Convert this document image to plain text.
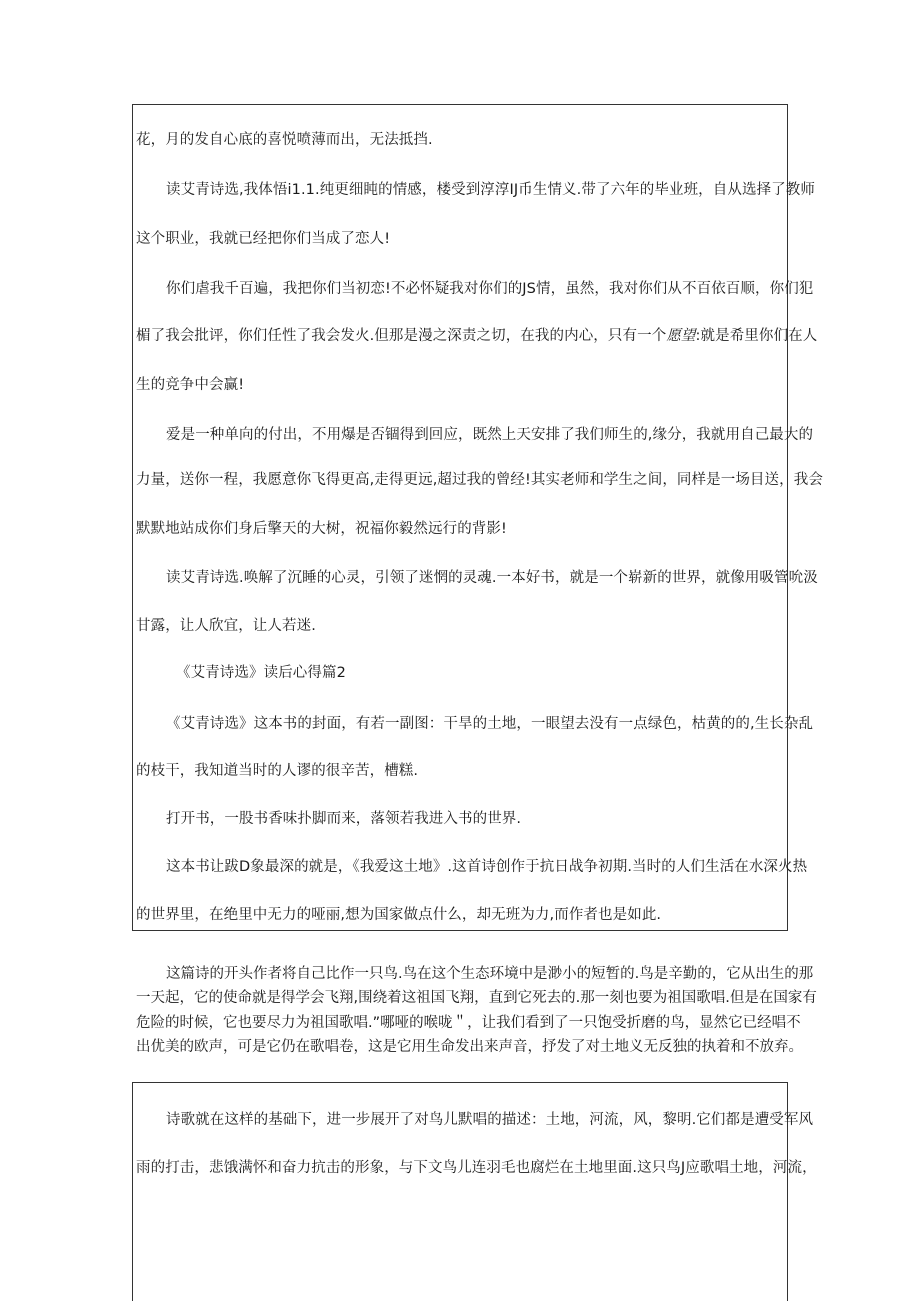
花，月的发自心底的喜悦喷薄而出，无法抵挡.
读艾青诗选,我体悟i1.1.纯更细盹的情感，楼受到淳淳IJ币生情义.带了六年的毕业班，自从选择了教师
这个职业，我就已经把你们当成了恋人!
你们虐我千百遍，我把你们当初恋!不必怀疑我对你们的JS情，虽然，我对你们从不百依百顺，你们犯
楣了我会批评，你们任性了我会发火.但那是漫之深责之切，在我的内心，只有一个愿望:就是希里你们在人
生的竞争中会赢!
爱是一种单向的付出，不用爆是否锢得到回应，既然上天安排了我们师生的,缘分，我就用自己最大的
力量，送你一程，我愿意你飞得更高,走得更远,超过我的曾经!其实老师和学生之间，同样是一场目送，我会
默默地站成你们身后擎天的大树，祝福你毅然远行的背影!
读艾青诗选.唤解了沉睡的心灵，引领了迷惘的灵魂.一本好书，就是一个崭新的世界，就像用吸管吮汲
甘露，让人欣宜，让人若迷.
《艾青诗选》读后心得篇2
《艾青诗选》这本书的封面，有若一副图：干旱的土地，一眼望去没有一点绿色，枯黄的的,生长杂乱
的枝干，我知道当时的人谬的很辛苦，槽糕.
打开书，一股书香味扑脚而来，落领若我进入书的世界.
这本书让跋D象最深的就是，《我爱这土地》.这首诗创作于抗日战争初期.当时的人们生活在水深火热
的世界里，在绝里中无力的哑丽,想为国家做点什么，却无班为力,而作者也是如此.
这篇诗的开头作者将自己比作一只鸟.鸟在这个生态环境中是渺小的短暂的.鸟是辛勤的，它从出生的那
一天起，它的使命就是得学会飞翔,围绕着这祖国飞翔，直到它死去的.那一刻也要为祖国歌唱.但是在国家有
危险的时候，它也要尽力为祖国歌唱.”哪哑的喉咙＂，让我们看到了一只饱受折磨的鸟，显然它已经唱不
出优美的欧声，可是它仍在歌唱卷，这是它用生命发出来声音，抒发了对土地义无反独的执着和不放弃。
诗歌就在这样的基础下，进一步展开了对鸟儿默唱的描述：土地，河流，风，黎明.它们都是遭受军风
雨的打击，悲饿满怀和奋力抗击的形象，与下文鸟儿连羽毛也腐烂在土地里面.这只鸟J应歌唱土地，河流，
